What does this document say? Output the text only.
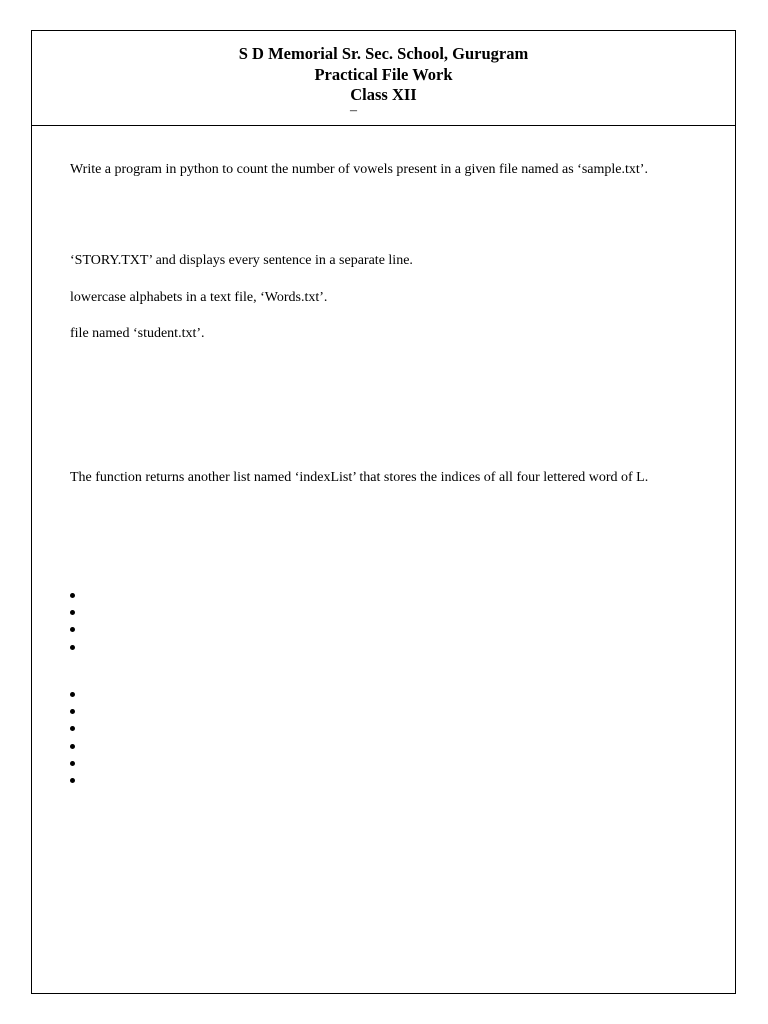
S D Memorial Sr. Sec. School, Gurugram
Practical File Work
Class XII
–
Write a program in python to count the number of vowels present in a given file named as ‘sample.txt’.
‘STORY.TXT’ and displays every sentence in a separate line.
lowercase alphabets in a text file, ‘Words.txt’.
file named ‘student.txt’.
The function returns another list named ‘indexList’ that stores the indices of all four lettered word of L.
